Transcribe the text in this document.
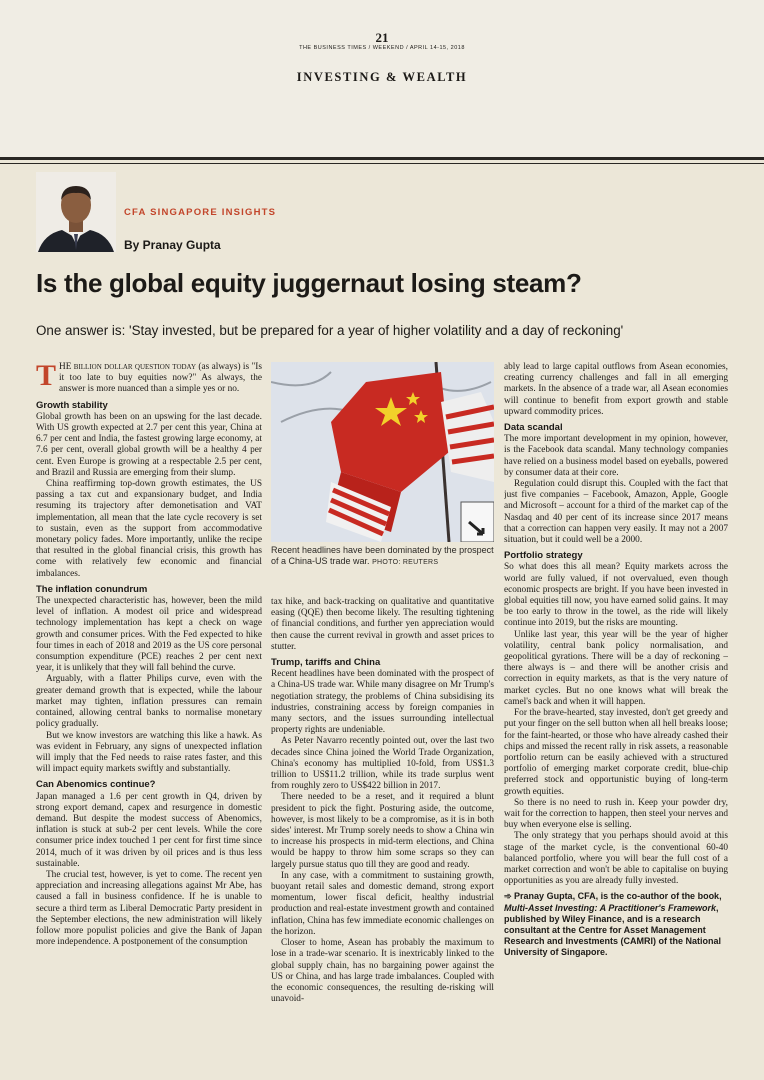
21
THE BUSINESS TIMES / WEEKEND / APRIL 14-15, 2018
INVESTING & WEALTH
CFA SINGAPORE INSIGHTS
By Pranay Gupta
Is the global equity juggernaut losing steam?
One answer is: 'Stay invested, but be prepared for a year of higher volatility and a day of reckoning'

THE billion dollar question today (as always) is "Is it too late to buy equities now?" As always, the answer is more nuanced than a simple yes or no.

Growth stability

Global growth has been on an upswing for the last decade. With US growth expected at 2.7 per cent this year, China at 6.7 per cent and India, the fastest growing large economy, at 7.6 per cent, overall global growth will be a healthy 4 per cent. Even Europe is growing at a respectable 2.5 per cent, and Brazil and Russia are emerging from their slump.

China reaffirming top-down growth estimates, the US passing a tax cut and expansionary budget, and India resuming its trajectory after demonetisation and VAT implementation, all mean that the late cycle recovery is set to sustain, even as the support from accommodative monetary policy fades. More importantly, unlike the recipe that resulted in the global financial crisis, this growth has come with relatively few economic and financial imbalances.

The inflation conundrum

The unexpected characteristic has, however, been the mild level of inflation. A modest oil price and widespread technology implementation has kept a check on wage growth and consumer prices. With the Fed expected to hike four times in each of 2018 and 2019 as the US core personal consumption expenditure (PCE) reaches 2 per cent next year, it is unlikely that they will fall behind the curve.

Arguably, with a flatter Philips curve, even with the greater demand growth that is expected, while the labour market may tighten, inflation pressures can remain contained, allowing central banks to normalise monetary policy gradually.

But we know investors are watching this like a hawk. As was evident in February, any signs of unexpected inflation will imply that the Fed needs to raise rates faster, and this will impact equity markets swiftly and substantially.

Can Abenomics continue?

Japan managed a 1.6 per cent growth in Q4, driven by strong export demand, capex and resurgence in domestic demand. But despite the modest success of Abenomics, inflation is stuck at sub-2 per cent levels. While the core consumer price index touched 1 per cent for first time since 2014, much of it was driven by oil prices and is thus less sustainable.

The crucial test, however, is yet to come. The recent yen appreciation and increasing allegations against Mr Abe, has caused a fall in business confidence. If he is unable to secure a third term as Liberal Democratic Party president in the September elections, the new administration will likely follow more populist policies and give the Bank of Japan more independence. A postponement of the consumption

Recent headlines have been dominated by the prospect of a China-US trade war. PHOTO: REUTERS

tax hike, and back-tracking on qualitative and quantitative easing (QQE) then become likely. The resulting tightening of financial conditions, and further yen appreciation would then cause the current revival in growth and asset prices to stutter.

Trump, tariffs and China

Recent headlines have been dominated with the prospect of a China-US trade war. While many disagree on Mr Trump's negotiation strategy, the problems of China subsidising its industries, constraining access by foreign companies in many sectors, and the issues surrounding intellectual property rights are undeniable.

As Peter Navarro recently pointed out, over the last two decades since China joined the World Trade Organization, China's economy has multiplied 10-fold, from US$1.3 trillion to US$11.2 trillion, while its trade surplus went from roughly zero to US$422 billion in 2017.

There needed to be a reset, and it required a blunt president to pick the fight. Posturing aside, the outcome, however, is most likely to be a compromise, as it is in both sides' interest. Mr Trump sorely needs to show a China win to increase his prospects in mid-term elections, and China would be happy to throw him some scraps so they can largely pursue status quo till they are good and ready.

In any case, with a commitment to sustaining growth, buoyant retail sales and domestic demand, strong export momentum, lower fiscal deficit, healthy industrial production and real-estate investment growth and contained inflation, China has few immediate economic challenges on the horizon.

Closer to home, Asean has probably the maximum to lose in a trade-war scenario. It is inextricably linked to the global supply chain, has no bargaining power against the US or China, and has large trade imbalances. Coupled with the economic consequences, the resulting de-risking will unavoid-

ably lead to large capital outflows from Asean economies, creating currency challenges and fall in all emerging markets. In the absence of a trade war, all Asean economies will continue to benefit from export growth and stable upward commodity prices.

Data scandal

The more important development in my opinion, however, is the Facebook data scandal. Many technology companies have relied on a business model based on eyeballs, powered by consumer data at their core.

Regulation could disrupt this. Coupled with the fact that just five companies – Facebook, Amazon, Apple, Google and Microsoft – account for a third of the market cap of the Nasdaq and 40 per cent of its increase since 2017 means that a correction can happen very easily. It may not a 2007 situation, but it could well be a 2000.

Portfolio strategy

So what does this all mean? Equity markets across the world are fully valued, if not overvalued, even though economic prospects are bright. If you have been invested in global equities till now, you have earned solid gains. It may be too early to throw in the towel, as the ride will likely continue into 2019, but the risks are mounting.

Unlike last year, this year will be the year of higher volatility, central bank policy normalisation, and geopolitical gyrations. There will be a day of reckoning – there always is – and there will be another crisis and correction in equity markets, as that is the very nature of market cycles. But no one knows what will break the camel's back and when it will happen.

For the brave-hearted, stay invested, don't get greedy and put your finger on the sell button when all hell breaks loose; for the faint-hearted, or those who have already cashed their chips and missed the recent rally in risk assets, a reasonable portfolio return can be easily achieved with a structured portfolio of emerging market corporate credit, blue-chip preferred stock and opportunistic buying of long-term growth equities.

So there is no need to rush in. Keep your powder dry, wait for the correction to happen, then steel your nerves and buy when everyone else is selling.

The only strategy that you perhaps should avoid at this stage of the market cycle, is the conventional 60-40 balanced portfolio, where you will bear the full cost of a market correction and won't be able to capitalise on buying opportunities as you are already fully invested.

➾ Pranay Gupta, CFA, is the co-author of the book, Multi-Asset Investing: A Practitioner's Framework, published by Wiley Finance, and is a research consultant at the Centre for Asset Management Research and Investments (CAMRI) of the National University of Singapore.
